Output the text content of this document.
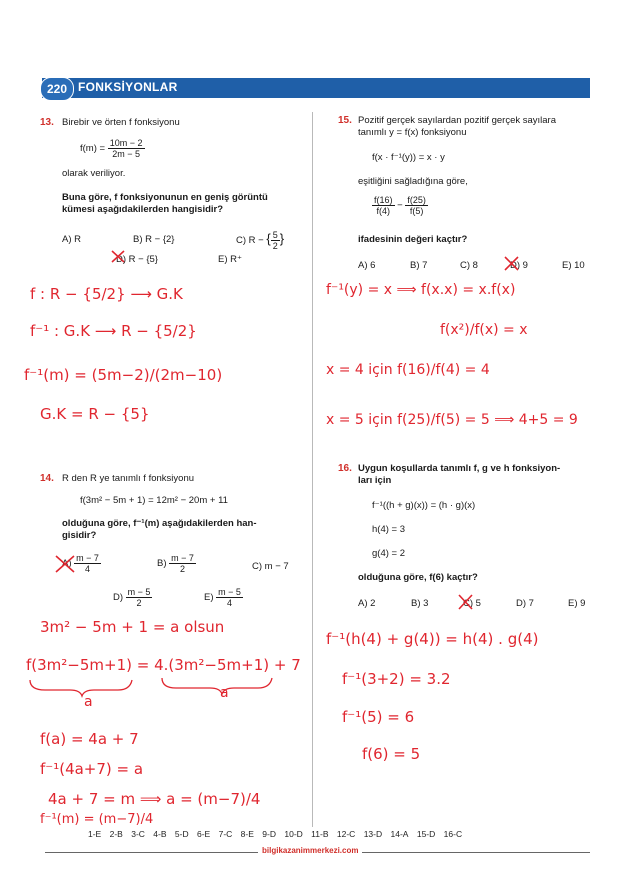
220 FONKSİYONLAR
13. Birebir ve örten f fonksiyonu
$f(m) = \frac{10m - 2}{2m - 5}$
olarak veriliyor.
Buna göre, f fonksiyonunun en geniş görüntü
kümesi aşağıdakilerden hangisidir?
A) R	B) R − {2}	C) R − { $\frac{5}{2}$ }
D) R − {5}	E) R⁺
14. R den R ye tanımlı f fonksiyonu
f(3m² − 5m + 1) = 12m² − 20m + 11
olduğuna göre, f⁻¹(m) aşağıdakilerden han-
gisidir?
$A) \frac{m - 7}{4}$	$B) \frac{m - 7}{2}$	C) m − 7
$D) \frac{m - 5}{2}$	$E) \frac{m - 5}{4}$
15. Pozitif gerçek sayılardan pozitif gerçek sayılara
tanımlı y = f(x) fonksiyonu
f(x · f⁻¹(y)) = x · y
eşitliğini sağladığına göre,
$\frac{f(16)}{f(4)} - \frac{f(25)}{f(5)}$
ifadesinin değeri kaçtır?
A) 6	B) 7	C) 8	D) 9	E) 10
16. Uygun koşullarda tanımlı f, g ve h fonksiyon-
ları için
f⁻¹((h + g)(x)) = (h · g)(x)
h(4) = 3
g(4) = 2
olduğuna göre, f(6) kaçtır?
A) 2	B) 3	C) 5	D) 7	E) 9
f : R − {5/2} ⟶ G.K
f⁻¹ : G.K ⟶ R − {5/2}
f⁻¹(m) = (5m−2)/(2m−10)
G.K = R − {5}
f⁻¹(y) = x ⟹ f(x.x) = x.f(x)
f(x²)/f(x) = x
x = 4 için f(16)/f(4) = 4
x = 5 için f(25)/f(5) = 5 ⟹ 4+5 = 9
3m² − 5m + 1 = a olsun
f(3m²−5m+1) = 4.(3m²−5m+1) + 7
a
a
f(a) = 4a + 7
f⁻¹(4a+7) = a
4a + 7 = m ⟹ a = (m−7)/4
f⁻¹(m) = (m−7)/4
f⁻¹(h(4) + g(4)) = h(4) . g(4)
f⁻¹(3+2) = 3.2
f⁻¹(5) = 6
f(6) = 5
1-E 2-B 3-C 4-B 5-D 6-E 7-C 8-E 9-D 10-D 11-B 12-C 13-D 14-A 15-D 16-C
bilgikazanimmerkezi.com
